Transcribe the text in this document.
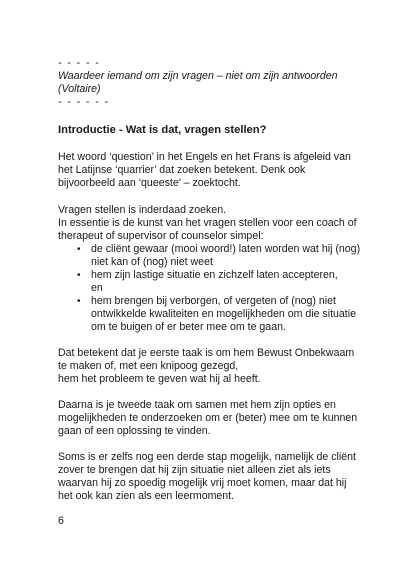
- - - - -

Waardeer iemand om zijn vragen – niet om zijn antwoorden
(Voltaire)

- - - - - -

Introductie - Wat is dat, vragen stellen?

Het woord ‘question’ in het Engels en het Frans is afgeleid van
het Latijnse ‘quarrier’ dat zoeken betekent. Denk ook
bijvoorbeeld aan ‘queeste’ – zoektocht.

Vragen stellen is inderdaad zoeken.
In essentie is de kunst van het vragen stellen voor een coach of
therapeut of supervisor of counselor simpel:

• de cliënt gewaar (mooi woord!) laten worden wat hij (nog)
niet kan of (nog) niet weet
• hem zijn lastige situatie en zichzelf laten accepteren,
en
• hem brengen bij verborgen, of vergeten of (nog) niet
ontwikkelde kwaliteiten en mogelijkheden om die situatie
om te buigen of er beter mee om te gaan.

Dat betekent dat je eerste taak is om hem Bewust Onbekwaam
te maken of, met een knipoog gezegd,
hem het probleem te geven wat hij al heeft.

Daarna is je tweede taak om samen met hem zijn opties en
mogelijkheden te onderzoeken om er (beter) mee om te kunnen
gaan of een oplossing te vinden.

Soms is er zelfs nog een derde stap mogelijk, namelijk de cliënt
zover te brengen dat hij zijn situatie niet alleen ziet als iets
waarvan hij zo spoedig mogelijk vrij moet komen, maar dat hij
het ook kan zien als een leermoment.

6
